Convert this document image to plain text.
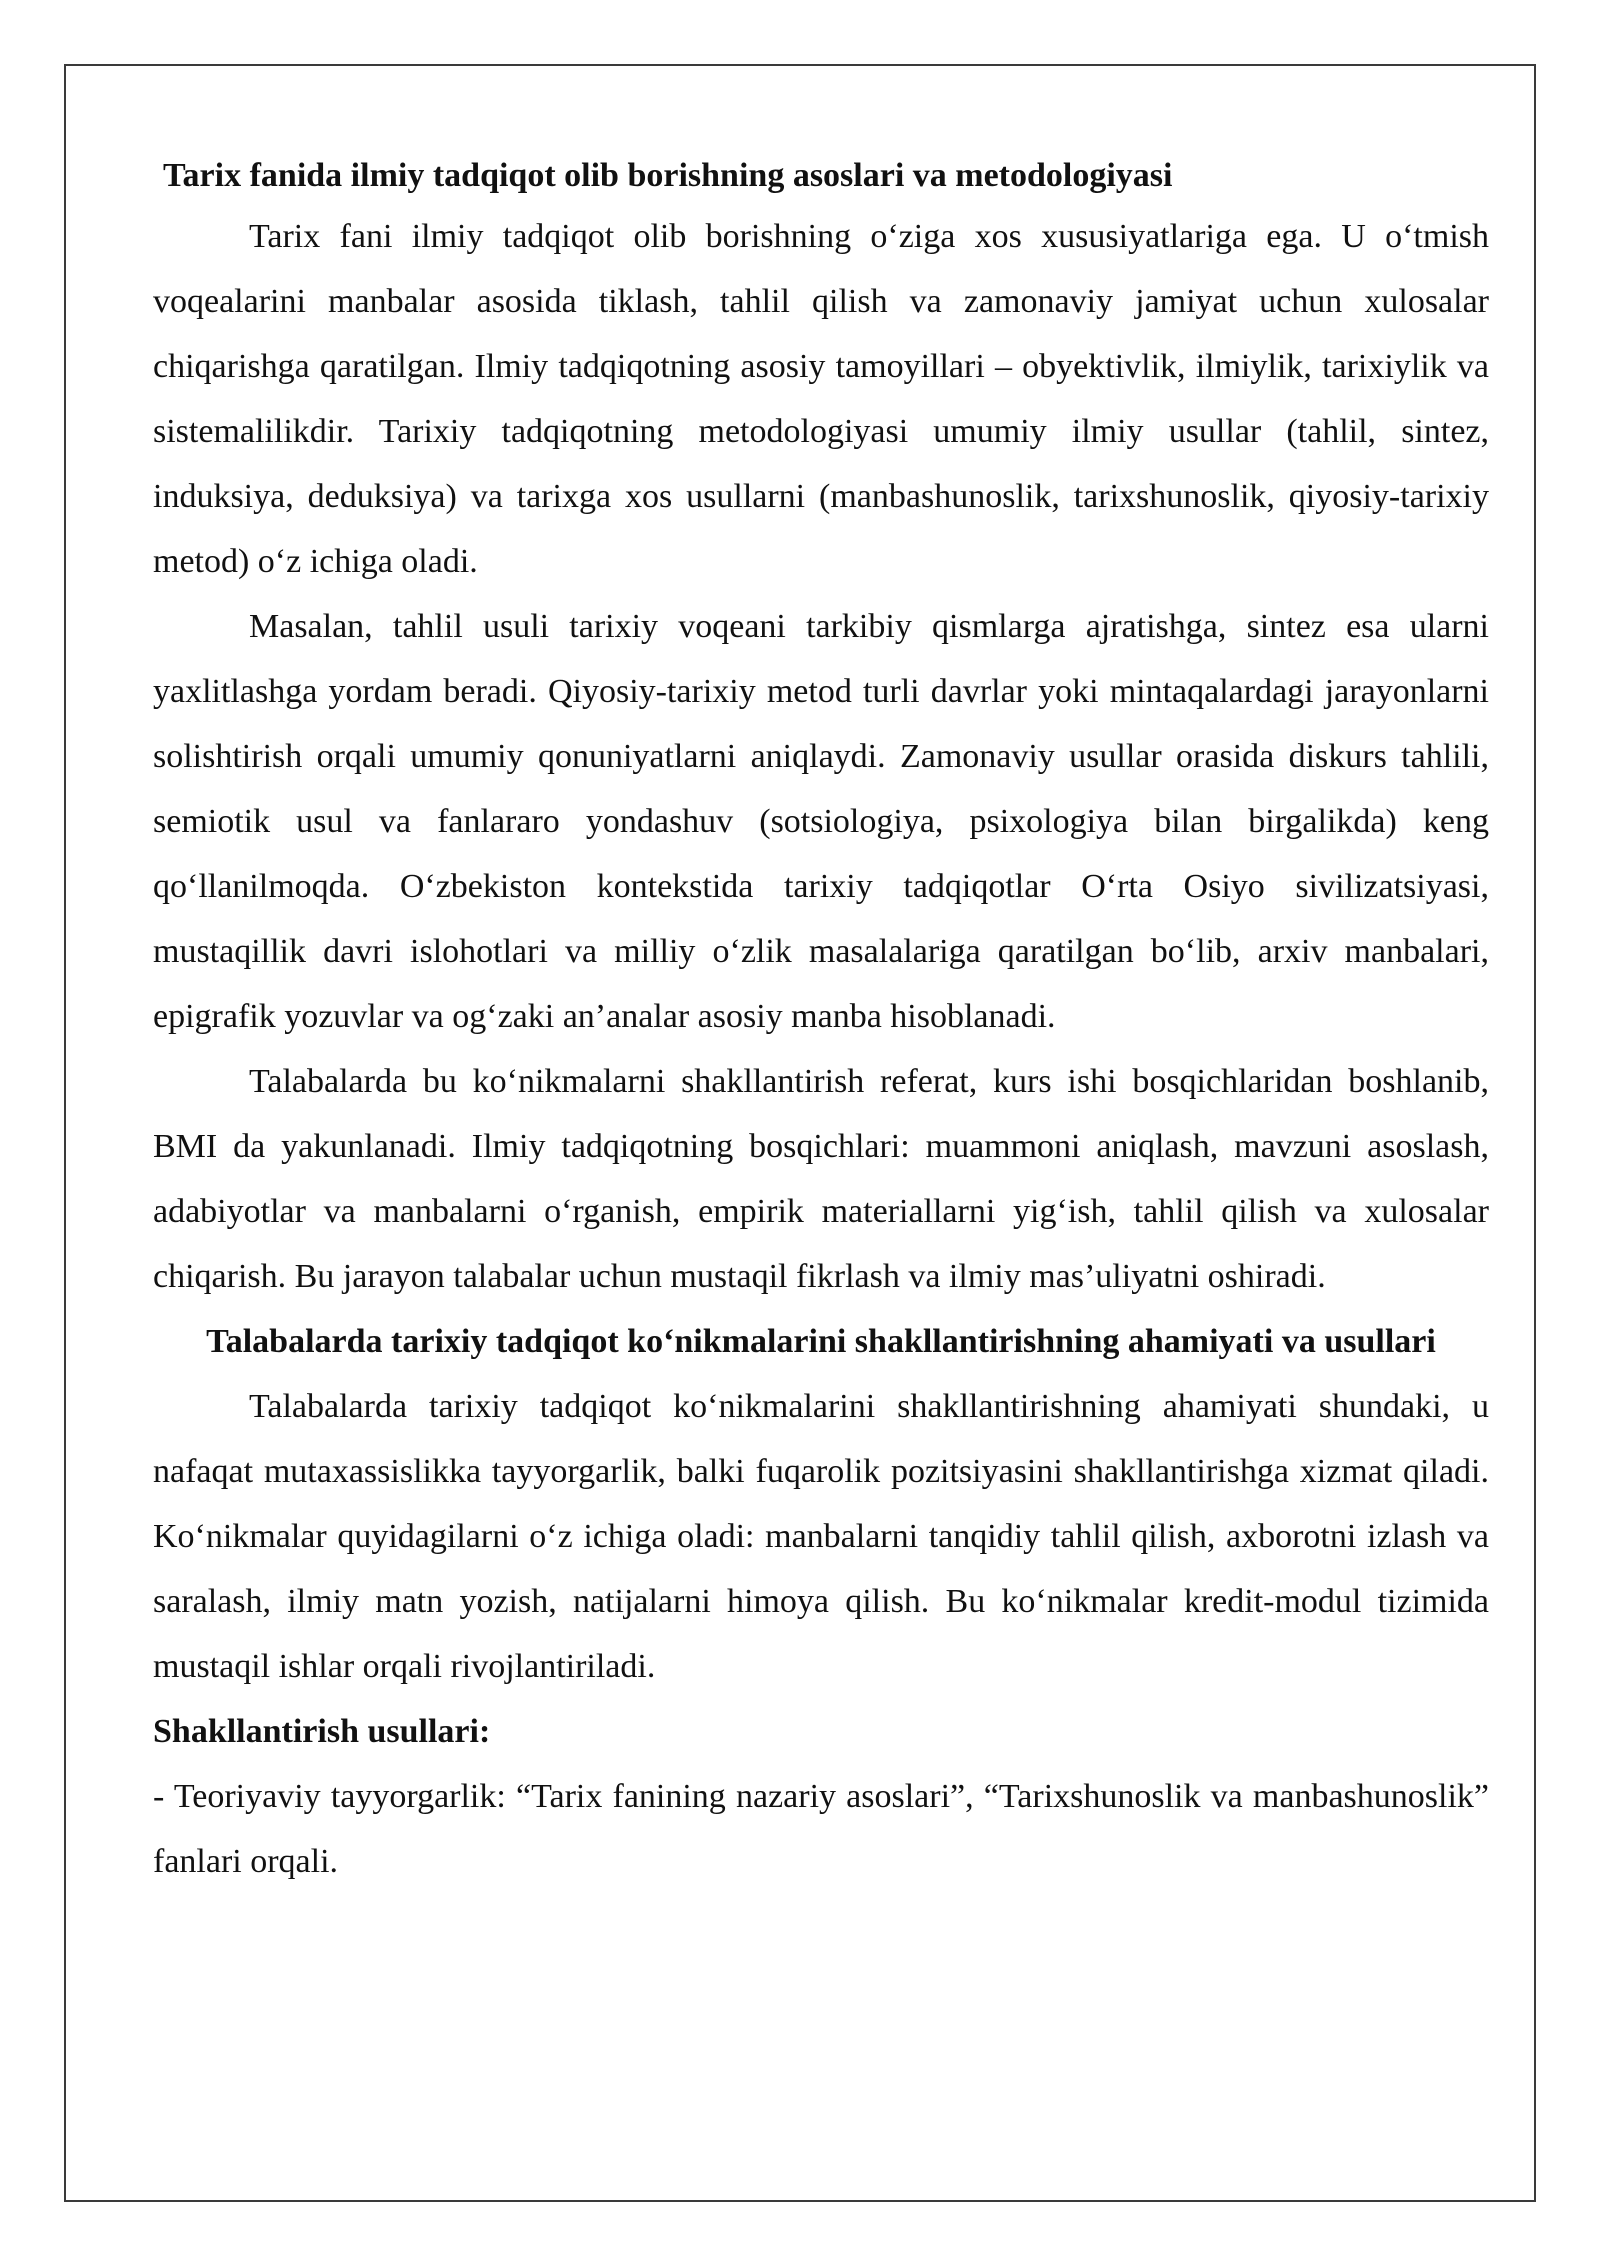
Tarix fanida ilmiy tadqiqot olib borishning asoslari va metodologiyasi

Tarix fani ilmiy tadqiqot olib borishning o‘ziga xos xususiyatlariga ega. U o‘tmish voqealarini manbalar asosida tiklash, tahlil qilish va zamonaviy jamiyat uchun xulosalar chiqarishga qaratilgan. Ilmiy tadqiqotning asosiy tamoyillari – obyektivlik, ilmiylik, tarixiylik va sistemalilikdir. Tarixiy tadqiqotning metodologiyasi umumiy ilmiy usullar (tahlil, sintez, induksiya, deduksiya) va tarixga xos usullarni (manbashunoslik, tarixshunoslik, qiyosiy-tarixiy metod) o‘z ichiga oladi.

Masalan, tahlil usuli tarixiy voqeani tarkibiy qismlarga ajratishga, sintez esa ularni yaxlitlashga yordam beradi. Qiyosiy-tarixiy metod turli davrlar yoki mintaqalardagi jarayonlarni solishtirish orqali umumiy qonuniyatlarni aniqlaydi. Zamonaviy usullar orasida diskurs tahlili, semiotik usul va fanlararo yondashuv (sotsiologiya, psixologiya bilan birgalikda) keng qo‘llanilmoqda. O‘zbekiston kontekstida tarixiy tadqiqotlar O‘rta Osiyo sivilizatsiyasi, mustaqillik davri islohotlari va milliy o‘zlik masalalariga qaratilgan bo‘lib, arxiv manbalari, epigrafik yozuvlar va og‘zaki an’analar asosiy manba hisoblanadi.

Talabalarda bu ko‘nikmalarni shakllantirish referat, kurs ishi bosqichlaridan boshlanib, BMI da yakunlanadi. Ilmiy tadqiqotning bosqichlari: muammoni aniqlash, mavzuni asoslash, adabiyotlar va manbalarni o‘rganish, empirik materiallarni yig‘ish, tahlil qilish va xulosalar chiqarish. Bu jarayon talabalar uchun mustaqil fikrlash va ilmiy mas’uliyatni oshiradi.

Talabalarda tarixiy tadqiqot ko‘nikmalarini shakllantirishning ahamiyati va usullari

Talabalarda tarixiy tadqiqot ko‘nikmalarini shakllantirishning ahamiyati shundaki, u nafaqat mutaxassislikka tayyorgarlik, balki fuqarolik pozitsiyasini shakllantirishga xizmat qiladi. Ko‘nikmalar quyidagilarni o‘z ichiga oladi: manbalarni tanqidiy tahlil qilish, axborotni izlash va saralash, ilmiy matn yozish, natijalarni himoya qilish. Bu ko‘nikmalar kredit-modul tizimida mustaqil ishlar orqali rivojlantiriladi.

Shakllantirish usullari:

- Teoriyaviy tayyorgarlik: “Tarix fanining nazariy asoslari”, “Tarixshunoslik va manbashunoslik” fanlari orqali.
